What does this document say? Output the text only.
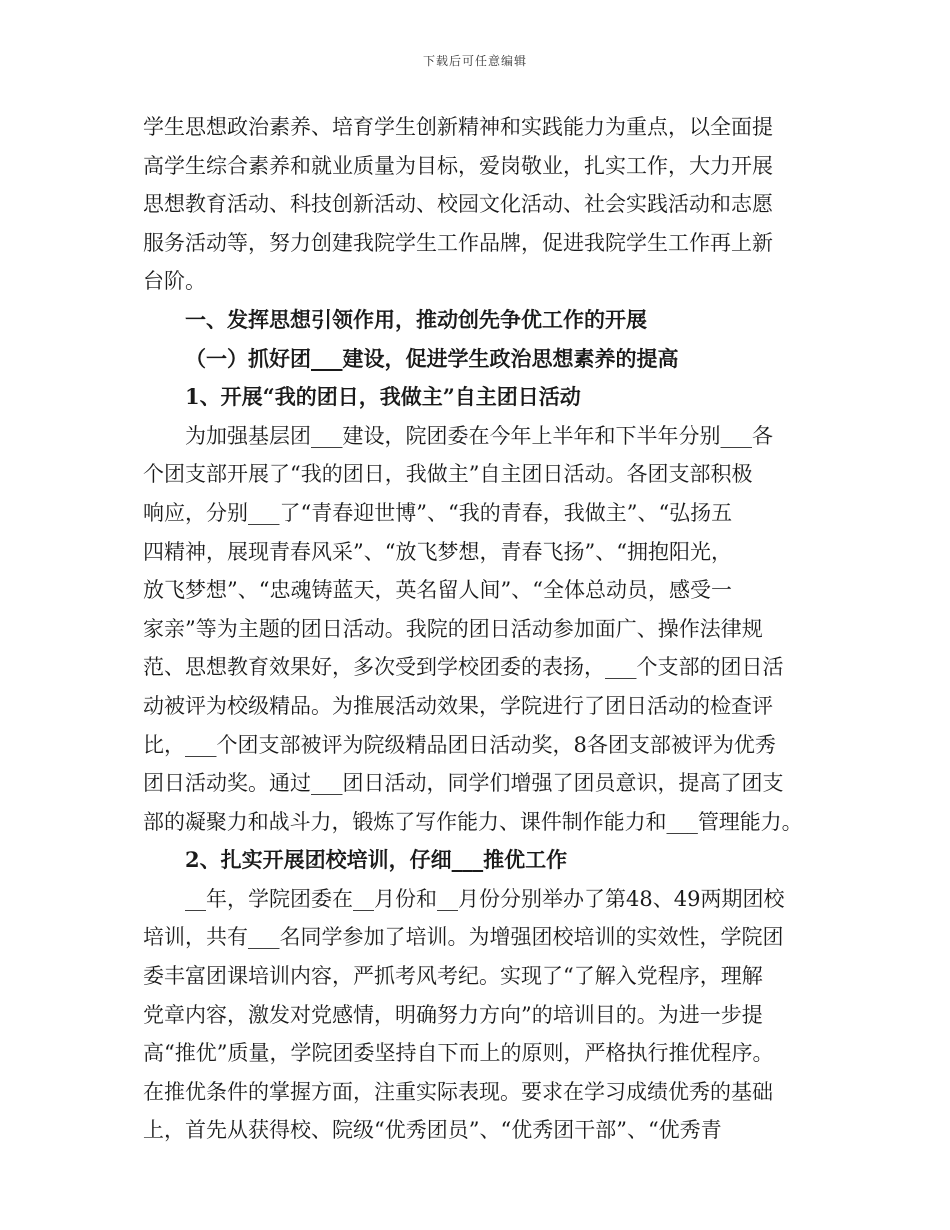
下载后可任意编辑
学生思想政治素养、培育学生创新精神和实践能力为重点，以全面提
高学生综合素养和就业质量为目标，爱岗敬业，扎实工作，大力开展
思想教育活动、科技创新活动、校园文化活动、社会实践活动和志愿
服务活动等，努力创建我院学生工作品牌，促进我院学生工作再上新
台阶。
一、发挥思想引领作用，推动创先争优工作的开展
（一）抓好团___建设，促进学生政治思想素养的提高
1、开展“我的团日，我做主”自主团日活动
为加强基层团___建设，院团委在今年上半年和下半年分别___各
个团支部开展了“我的团日，我做主”自主团日活动。各团支部积极
响应，分别___了“青春迎世博”、“我的青春，我做主”、“弘扬五
四精神，展现青春风采”、“放飞梦想，青春飞扬”、“拥抱阳光，
放飞梦想”、“忠魂铸蓝天，英名留人间”、“全体总动员，感受一
家亲”等为主题的团日活动。我院的团日活动参加面广、操作法律规
范、思想教育效果好，多次受到学校团委的表扬，___个支部的团日活
动被评为校级精品。为推展活动效果，学院进行了团日活动的检查评
比，___个团支部被评为院级精品团日活动奖，8各团支部被评为优秀
团日活动奖。通过___团日活动，同学们增强了团员意识，提高了团支
部的凝聚力和战斗力，锻炼了写作能力、课件制作能力和___管理能力。
2、扎实开展团校培训，仔细___推优工作
__年，学院团委在__月份和__月份分别举办了第48、49两期团校
培训，共有___名同学参加了培训。为增强团校培训的实效性，学院团
委丰富团课培训内容，严抓考风考纪。实现了“了解入党程序，理解
党章内容，激发对党感情，明确努力方向”的培训目的。为进一步提
高“推优”质量，学院团委坚持自下而上的原则，严格执行推优程序。
在推优条件的掌握方面，注重实际表现。要求在学习成绩优秀的基础
上，首先从获得校、院级“优秀团员”、“优秀团干部”、“优秀青
